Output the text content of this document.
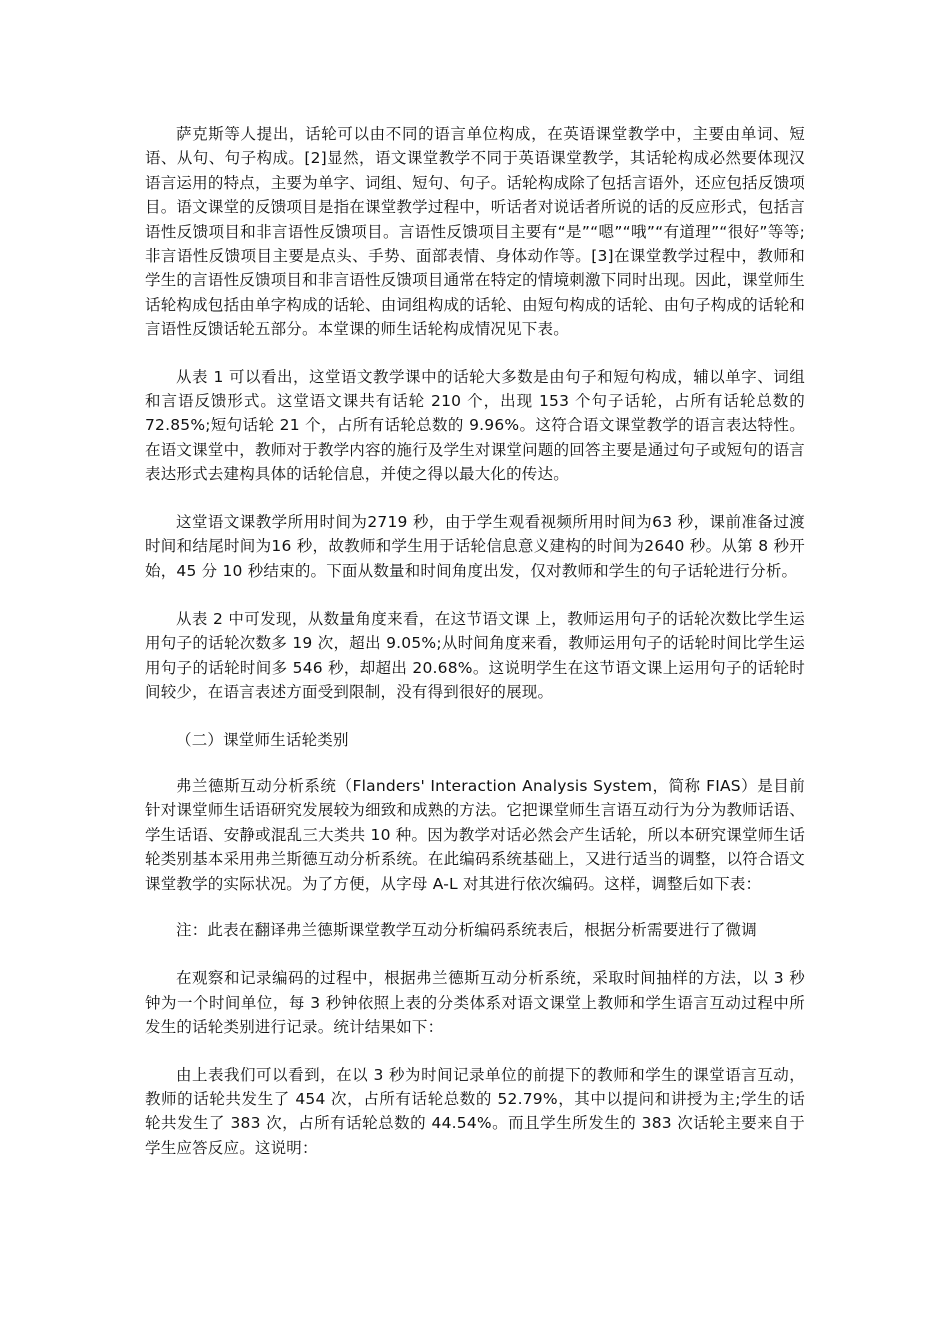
萨克斯等人提出，话轮可以由不同的语言单位构成，在英语课堂教学中，主要由单词、短语、从句、句子构成。[2]显然，语文课堂教学不同于英语课堂教学，其话轮构成必然要体现汉语言运用的特点，主要为单字、词组、短句、句子。话轮构成除了包括言语外，还应包括反馈项目。语文课堂的反馈项目是指在课堂教学过程中，听话者对说话者所说的话的反应形式，包括言语性反馈项目和非言语性反馈项目。言语性反馈项目主要有“是”“嗯”“哦”“有道理”“很好”等等;非言语性反馈项目主要是点头、手势、面部表情、身体动作等。[3]在课堂教学过程中，教师和学生的言语性反馈项目和非言语性反馈项目通常在特定的情境刺激下同时出现。因此，课堂师生话轮构成包括由单字构成的话轮、由词组构成的话轮、由短句构成的话轮、由句子构成的话轮和言语性反馈话轮五部分。本堂课的师生话轮构成情况见下表。

从表 1 可以看出，这堂语文教学课中的话轮大多数是由句子和短句构成，辅以单字、词组和言语反馈形式。这堂语文课共有话轮 210 个，出现 153 个句子话轮，占所有话轮总数的 72.85%;短句话轮 21 个，占所有话轮总数的 9.96%。这符合语文课堂教学的语言表达特性。在语文课堂中，教师对于教学内容的施行及学生对课堂问题的回答主要是通过句子或短句的语言表达形式去建构具体的话轮信息，并使之得以最大化的传达。

这堂语文课教学所用时间为2719 秒，由于学生观看视频所用时间为63 秒，课前准备过渡时间和结尾时间为16 秒，故教师和学生用于话轮信息意义建构的时间为2640 秒。从第 8 秒开始，45 分 10 秒结束的。下面从数量和时间角度出发，仅对教师和学生的句子话轮进行分析。

从表 2 中可发现，从数量角度来看，在这节语文课 上，教师运用句子的话轮次数比学生运用句子的话轮次数多 19 次，超出 9.05%;从时间角度来看，教师运用句子的话轮时间比学生运用句子的话轮时间多 546 秒，却超出 20.68%。这说明学生在这节语文课上运用句子的话轮时间较少，在语言表述方面受到限制，没有得到很好的展现。

（二）课堂师生话轮类别

弗兰德斯互动分析系统（Flanders' Interaction Analysis System，简称 FIAS）是目前针对课堂师生话语研究发展较为细致和成熟的方法。它把课堂师生言语互动行为分为教师话语、学生话语、安静或混乱三大类共 10 种。因为教学对话必然会产生话轮，所以本研究课堂师生话轮类别基本采用弗兰斯德互动分析系统。在此编码系统基础上，又进行适当的调整，以符合语文课堂教学的实际状况。为了方便，从字母 A-L 对其进行依次编码。这样，调整后如下表：

注：此表在翻译弗兰德斯课堂教学互动分析编码系统表后，根据分析需要进行了微调

在观察和记录编码的过程中，根据弗兰德斯互动分析系统，采取时间抽样的方法，以 3 秒钟为一个时间单位，每 3 秒钟依照上表的分类体系对语文课堂上教师和学生语言互动过程中所发生的话轮类别进行记录。统计结果如下：

由上表我们可以看到，在以 3 秒为时间记录单位的前提下的教师和学生的课堂语言互动，教师的话轮共发生了 454 次，占所有话轮总数的 52.79%，其中以提问和讲授为主;学生的话轮共发生了 383 次，占所有话轮总数的 44.54%。而且学生所发生的 383 次话轮主要来自于学生应答反应。这说明：
